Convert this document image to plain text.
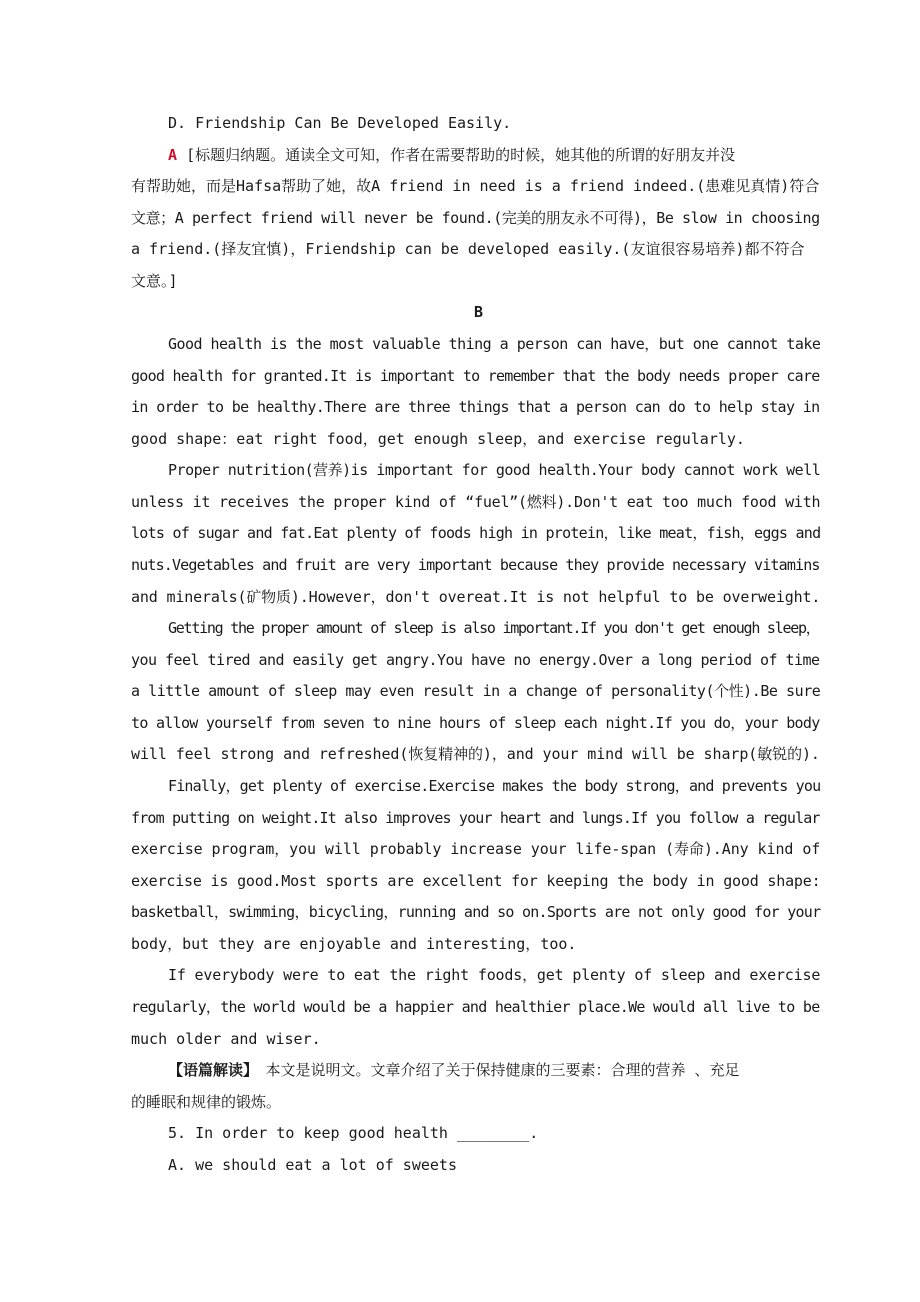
D. Friendship Can Be Developed Easily.
A [标题归纳题。通读全文可知，作者在需要帮助的时候，她其他的所谓的好朋友并没
有帮助她，而是Hafsa帮助了她，故A friend in need is a friend indeed.(患难见真情)符合
文意；A perfect friend will never be found.(完美的朋友永不可得)，Be slow in choosing
a friend.(择友宜慎)，Friendship can be developed easily.(友谊很容易培养)都不符合
文意。]
B
Good health is the most valuable thing a person can have，but one cannot take
good health for granted.It is important to remember that the body needs proper care
in order to be healthy.There are three things that a person can do to help stay in
good shape：eat right food，get enough sleep，and exercise regularly.
Proper nutrition(营养)is important for good health.Your body cannot work well
unless it receives the proper kind of “fuel”(燃料).Don't eat too much food with
lots of sugar and fat.Eat plenty of foods high in protein，like meat，fish，eggs and
nuts.Vegetables and fruit are very important because they provide necessary vitamins
and minerals(矿物质).However，don't overeat.It is not helpful to be overweight.
Getting the proper amount of sleep is also important.If you don't get enough sleep，
you feel tired and easily get angry.You have no energy.Over a long period of time
a little amount of sleep may even result in a change of personality(个性).Be sure
to allow yourself from seven to nine hours of sleep each night.If you do，your body
will feel strong and refreshed(恢复精神的)，and your mind will be sharp(敏锐的).
Finally，get plenty of exercise.Exercise makes the body strong，and prevents you
from putting on weight.It also improves your heart and lungs.If you follow a regular
exercise program，you will probably increase your life-span (寿命).Any kind of
exercise is good.Most sports are excellent for keeping the body in good shape:
basketball，swimming，bicycling，running and so on.Sports are not only good for your
body，but they are enjoyable and interesting，too.
If everybody were to eat the right foods，get plenty of sleep and exercise
regularly，the world would be a happier and healthier place.We would all live to be
much older and wiser.
【语篇解读】　本文是说明文。文章介绍了关于保持健康的三要素：合理的营养 、充足
的睡眠和规律的锻炼。
5. In order to keep good health ________.
A. we should eat a lot of sweets
